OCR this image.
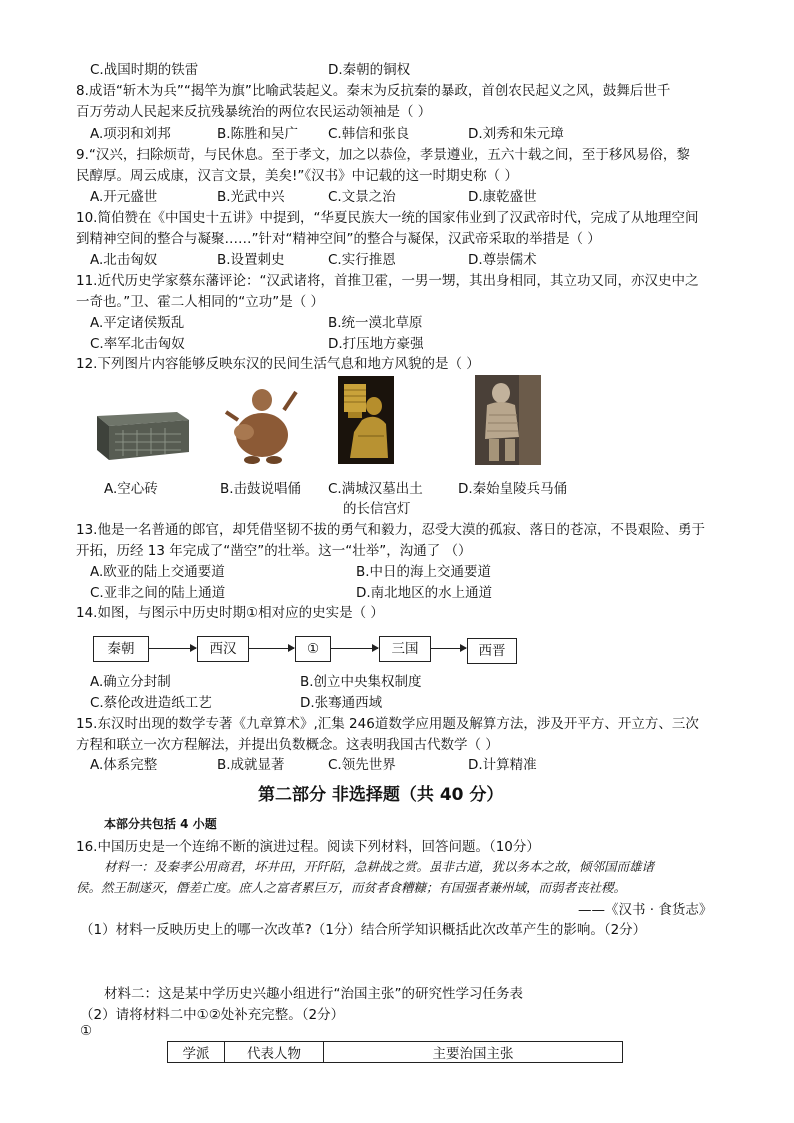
C.战国时期的铁雷	D.秦朝的铜权
8.成语“斩木为兵”“揭竿为旗”比喻武装起义。秦末为反抗秦的暴政，首创农民起义之风，鼓舞后世千
百万劳动人民起来反抗残暴统治的两位农民运动领袖是（ ）
A.项羽和刘邦	B.陈胜和吴广 C.韩信和张良	D.刘秀和朱元璋
9.“汉兴，扫除烦苛，与民休息。至于孝文，加之以恭俭，孝景遵业，五六十载之间，至于移风易俗，黎
民醇厚。周云成康，汉言文景，美矣!”《汉书》中记载的这一时期史称（ ）
A.开元盛世	B.光武中兴	C.文景之治	D.康乾盛世
10.简伯赞在《中国史十五讲》中提到，“华夏民族大一统的国家伟业到了汉武帝时代，完成了从地理空间
到精神空间的整合与凝聚……”针对“精神空间”的整合与凝保，汉武帝采取的举措是（ ）
A.北击匈奴	B.设置刺史	C.实行推恩	D.尊崇儒术
11.近代历史学家蔡东藩评论：“汉武诸将，首推卫霍，一男一甥，其出身相同，其立功又同，亦汉史中之
一奇也。”卫、霍二人相同的“立功”是（ ）
A.平定诸侯叛乱	B.统一漠北草原
C.率军北击匈奴	D.打压地方豪强
12.下列图片内容能够反映东汉的民间生活气息和地方风貌的是（ ）
A.空心砖	B.击鼓说唱俑 C.满城汉墓出土
的长信宫灯
D.秦始皇陵兵马俑
13.他是一名普通的郎官，却凭借坚韧不拔的勇气和毅力，忍受大漠的孤寂、落日的苍凉，不畏艰险、勇于
开拓，历经 13 年完成了“凿空”的壮举。这一“壮举”，沟通了 （）
A.欧亚的陆上交通要道	B.中日的海上交通要道
C.亚非之间的陆上通道	D.南北地区的水上通道
14.如图，与图示中历史时期①相对应的史实是（ ）
秦朝	西汉	①	三国	西晋
A.确立分封制	B.创立中央集权制度
C.蔡伦改进造纸工艺	D.张骞通西域
15.东汉时出现的数学专著《九章算术》,汇集 246道数学应用题及解算方法，涉及开平方、开立方、三次
方程和联立一次方程解法，并提出负数概念。这表明我国古代数学（ ）
A.体系完整	B.成就显著	C.领先世界	D.计算精准
第二部分 非选择题（共 40 分）
本部分共包括 4 小题
16.中国历史是一个连绵不断的演进过程。阅读下列材料，回答问题。（10分）
材料一：及秦孝公用商君，坏井田，开阡陌，急耕战之赏。虽非古道，犹以务本之故，倾邻国而雄诸
侯。然王制遂灭，僭差亡度。庶人之富者累巨万，而贫者食糟糠；有国强者兼州域，而弱者丧社稷。
——《汉书 · 食货志》
（1）材料一反映历史上的哪一次改革?（1分）结合所学知识概括此次改革产生的影响。（2分）
材料二：这是某中学历史兴趣小组进行“治国主张”的研究性学习任务表
（2）请将材料二中①②处补充完整。（2分）
①
学派	代表人物	主要治国主张
